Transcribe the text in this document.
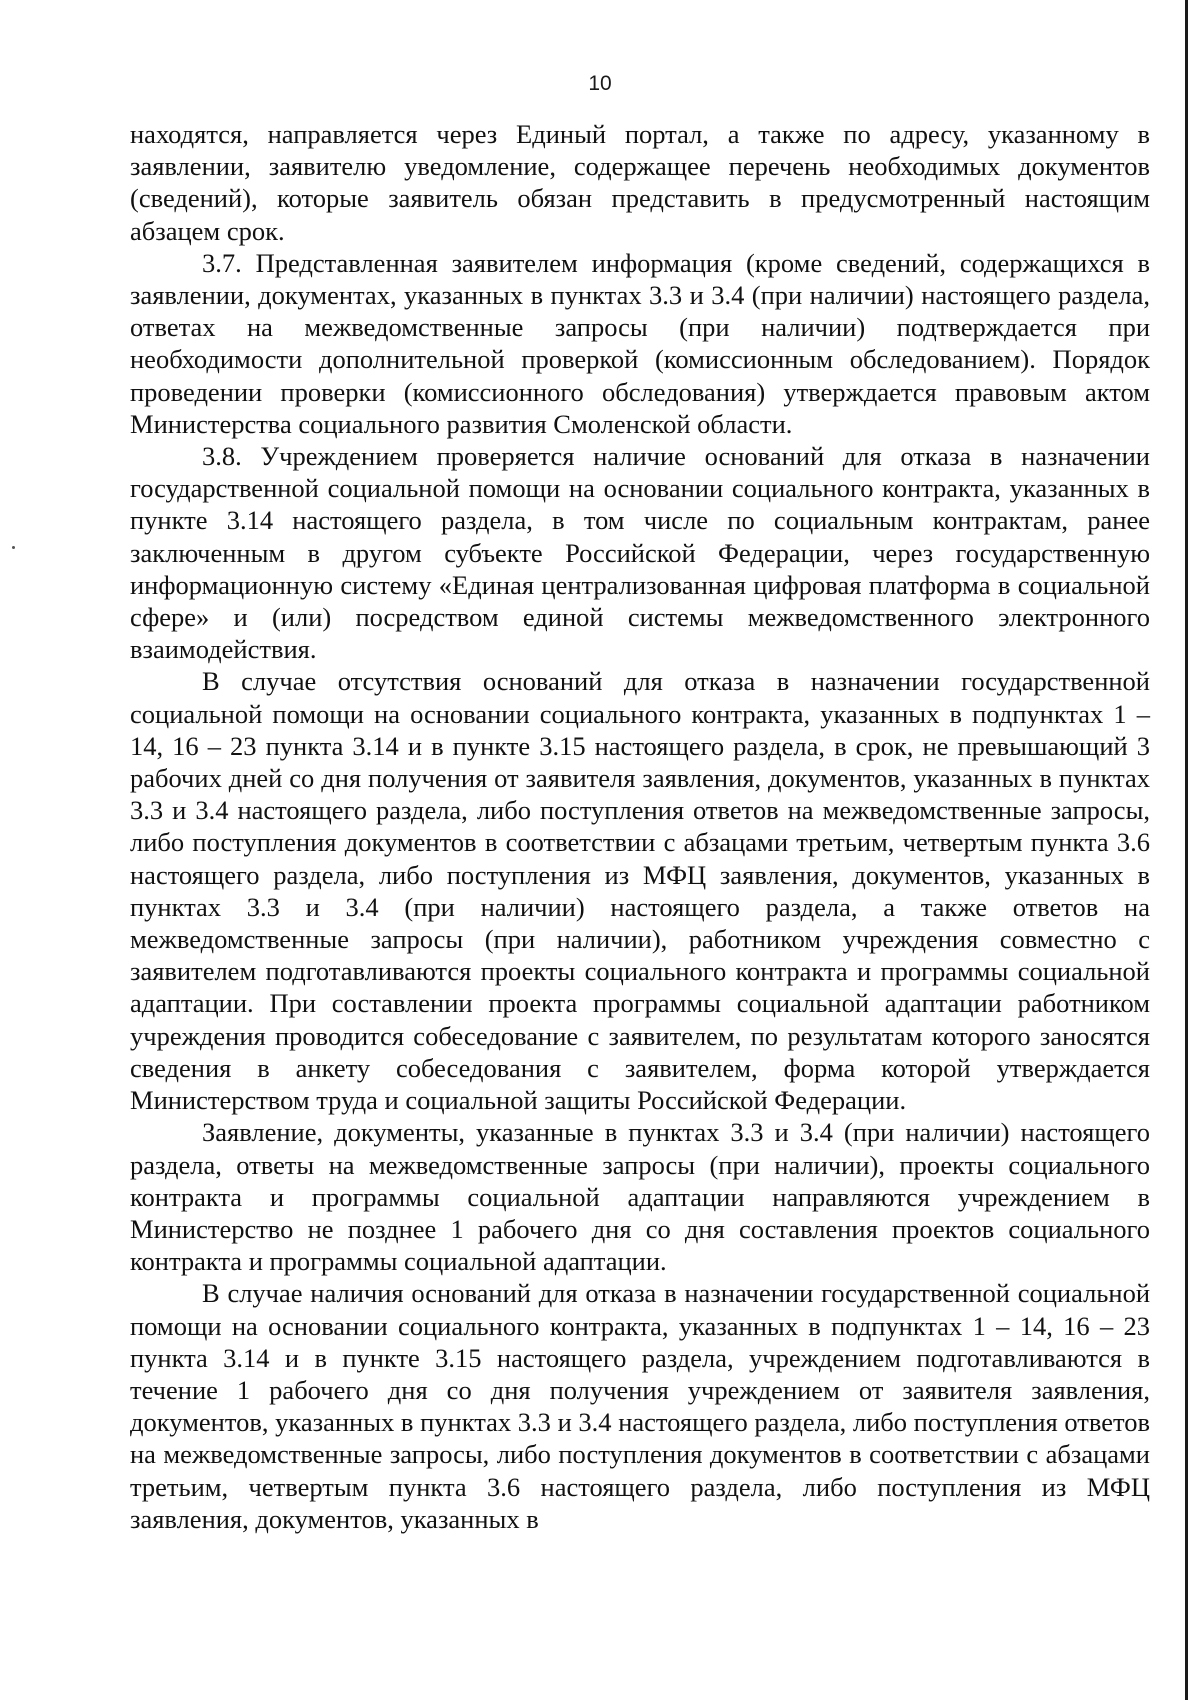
10

находятся, направляется через Единый портал, а также по адресу, указанному в заявлении, заявителю уведомление, содержащее перечень необходимых документов (сведений), которые заявитель обязан представить в предусмотренный настоящим абзацем срок.

3.7. Представленная заявителем информация (кроме сведений, содержащихся в заявлении, документах, указанных в пунктах 3.3 и 3.4 (при наличии) настоящего раздела, ответах на межведомственные запросы (при наличии) подтверждается при необходимости дополнительной проверкой (комиссионным обследованием). Порядок проведении проверки (комиссионного обследования) утверждается правовым актом Министерства социального развития Смоленской области.

3.8. Учреждением проверяется наличие оснований для отказа в назначении государственной социальной помощи на основании социального контракта, указанных в пункте 3.14 настоящего раздела, в том числе по социальным контрактам, ранее заключенным в другом субъекте Российской Федерации, через государственную информационную систему «Единая централизованная цифровая платформа в социальной сфере» и (или) посредством единой системы межведомственного электронного взаимодействия.

В случае отсутствия оснований для отказа в назначении государственной социальной помощи на основании социального контракта, указанных в подпунктах 1 – 14, 16 – 23 пункта 3.14 и в пункте 3.15 настоящего раздела, в срок, не превышающий 3 рабочих дней со дня получения от заявителя заявления, документов, указанных в пунктах 3.3 и 3.4 настоящего раздела, либо поступления ответов на межведомственные запросы, либо поступления документов в соответствии с абзацами третьим, четвертым пункта 3.6 настоящего раздела, либо поступления из МФЦ заявления, документов, указанных в пунктах 3.3 и 3.4 (при наличии) настоящего раздела, а также ответов на межведомственные запросы (при наличии), работником учреждения совместно с заявителем подготавливаются проекты социального контракта и программы социальной адаптации. При составлении проекта программы социальной адаптации работником учреждения проводится собеседование с заявителем, по результатам которого заносятся сведения в анкету собеседования с заявителем, форма которой утверждается Министерством труда и социальной защиты Российской Федерации.

Заявление, документы, указанные в пунктах 3.3 и 3.4 (при наличии) настоящего раздела, ответы на межведомственные запросы (при наличии), проекты социального контракта и программы социальной адаптации направляются учреждением в Министерство не позднее 1 рабочего дня со дня составления проектов социального контракта и программы социальной адаптации.

В случае наличия оснований для отказа в назначении государственной социальной помощи на основании социального контракта, указанных в подпунктах 1 – 14, 16 – 23 пункта 3.14 и в пункте 3.15 настоящего раздела, учреждением подготавливаются в течение 1 рабочего дня со дня получения учреждением от заявителя заявления, документов, указанных в пунктах 3.3 и 3.4 настоящего раздела, либо поступления ответов на межведомственные запросы, либо поступления документов в соответствии с абзацами третьим, четвертым пункта 3.6 настоящего раздела, либо поступления из МФЦ заявления, документов, указанных в
